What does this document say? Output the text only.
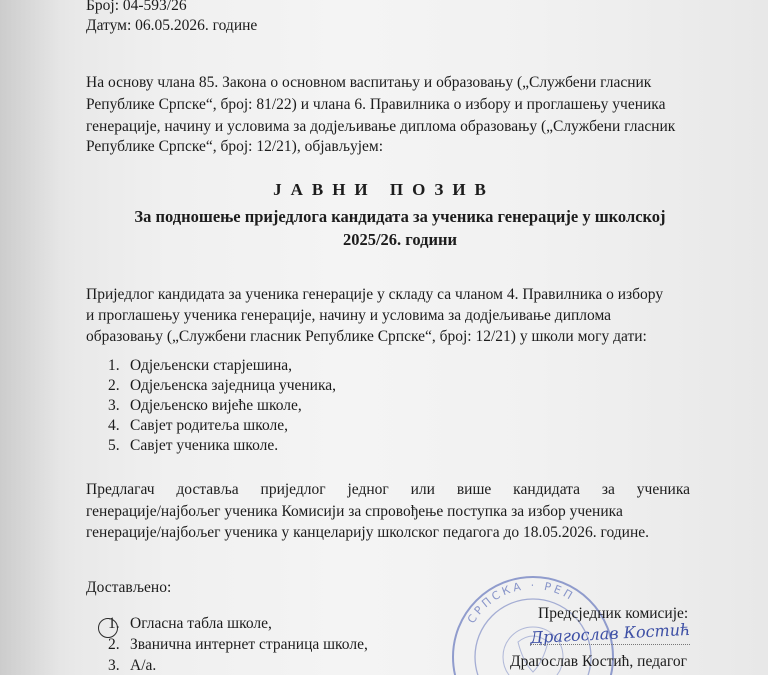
Број: 04-593/26
Датум: 06.05.2026. године
На основу члана 85. Закона о основном васпитању и образовању („Службени гласник
Републике Српске“, број: 81/22) и члана 6. Правилника о избору и проглашењу ученика
генерације, начину и условима за додјељивање диплома образовању („Службени гласник
Републике Српске“, број: 12/21), објављујем:
ЈАВНИ ПОЗИВ
За подношење приједлога кандидата за ученика генерације у школској
2025/26. години
Приједлог кандидата за ученика генерације у складу са чланом 4. Правилника о избору
и проглашењу ученика генерације, начину и условима за додјељивање диплома
образовању („Службени гласник Републике Српске“, број: 12/21) у школи могу дати:
1. Одјељенски старјешина,
2. Одјељенска заједница ученика,
3. Одјељенско вијеће школе,
4. Савјет родитеља школе,
5. Савјет ученика школе.
Предлагач доставља приједлог једног или више кандидата за ученика
генерације/најбољег ученика Комисији за спровођење поступка за избор ученика
генерације/најбољег ученика у канцеларију школског педагога до 18.05.2026. године.
Достављено:
1. Огласна табла школе,
2. Званична интернет страница школе,
3. А/а.
СРПСКА · РЕП
Предсједник комисије:
Драгослав Костић
Драгослав Костић, педагог
